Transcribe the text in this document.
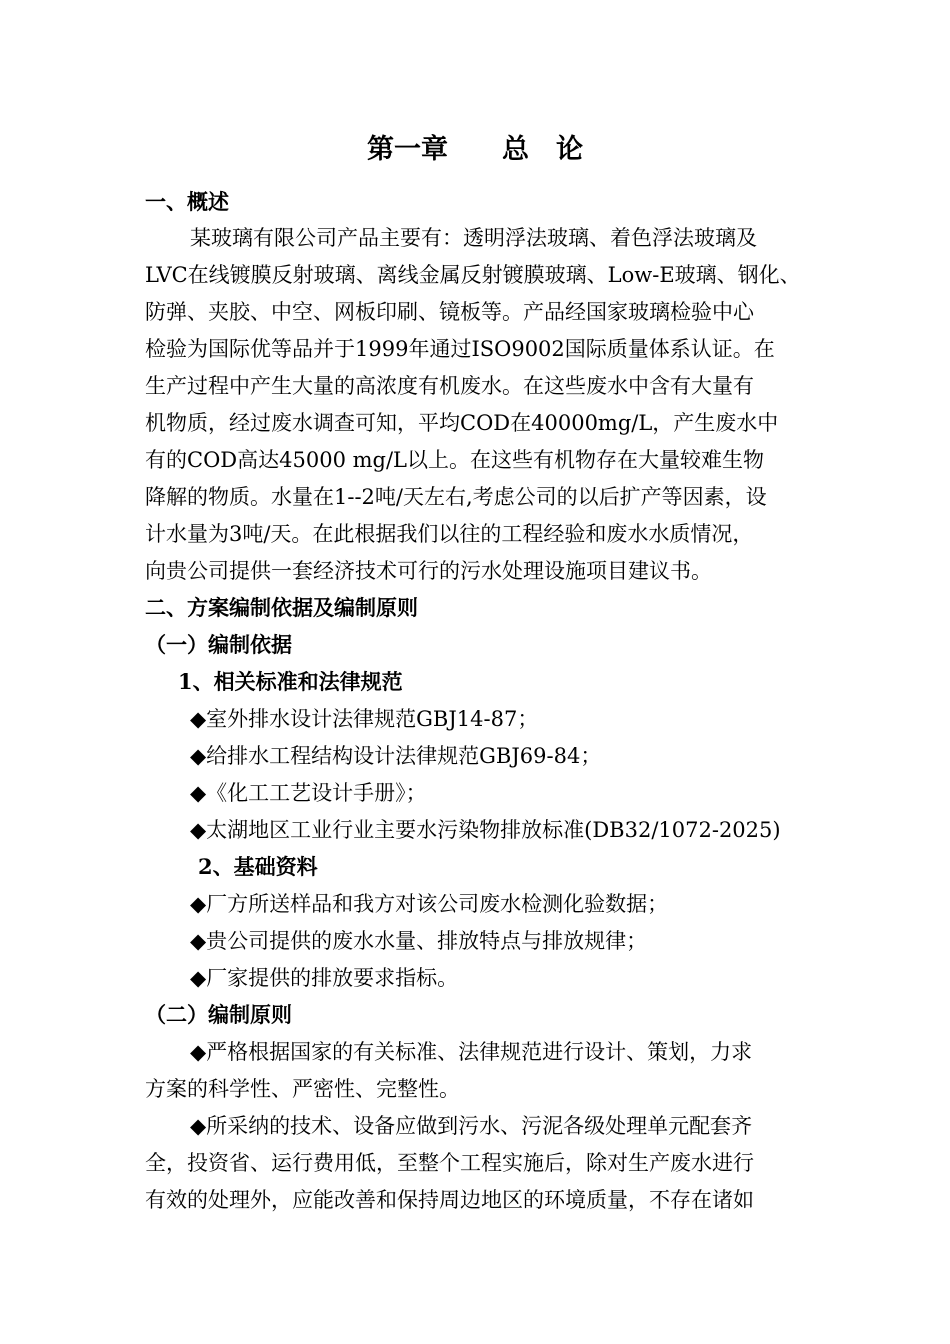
第一章　　总　论
一、概述
某玻璃有限公司产品主要有：透明浮法玻璃、着色浮法玻璃及
LVC在线镀膜反射玻璃、离线金属反射镀膜玻璃、Low-E玻璃、钢化、
防弹、夹胶、中空、网板印刷、镜板等。产品经国家玻璃检验中心
检验为国际优等品并于1999年通过ISO9002国际质量体系认证。在
生产过程中产生大量的高浓度有机废水。在这些废水中含有大量有
机物质，经过废水调查可知，平均COD在40000mg/L，产生废水中
有的COD高达45000 mg/L以上。在这些有机物存在大量较难生物
降解的物质。水量在1--2吨/天左右,考虑公司的以后扩产等因素，设
计水量为3吨/天。在此根据我们以往的工程经验和废水水质情况，
向贵公司提供一套经济技术可行的污水处理设施项目建议书。
二、方案编制依据及编制原则
（一）编制依据
1、相关标准和法律规范
◆室外排水设计法律规范GBJ14-87；
◆给排水工程结构设计法律规范GBJ69-84；
◆《化工工艺设计手册》；
◆太湖地区工业行业主要水污染物排放标准(DB32/1072-2025)
2、基础资料
◆厂方所送样品和我方对该公司废水检测化验数据；
◆贵公司提供的废水水量、排放特点与排放规律；
◆厂家提供的排放要求指标。
（二）编制原则
◆严格根据国家的有关标准、法律规范进行设计、策划，力求
方案的科学性、严密性、完整性。
◆所采纳的技术、设备应做到污水、污泥各级处理单元配套齐
全，投资省、运行费用低，至整个工程实施后，除对生产废水进行
有效的处理外，应能改善和保持周边地区的环境质量，不存在诸如
